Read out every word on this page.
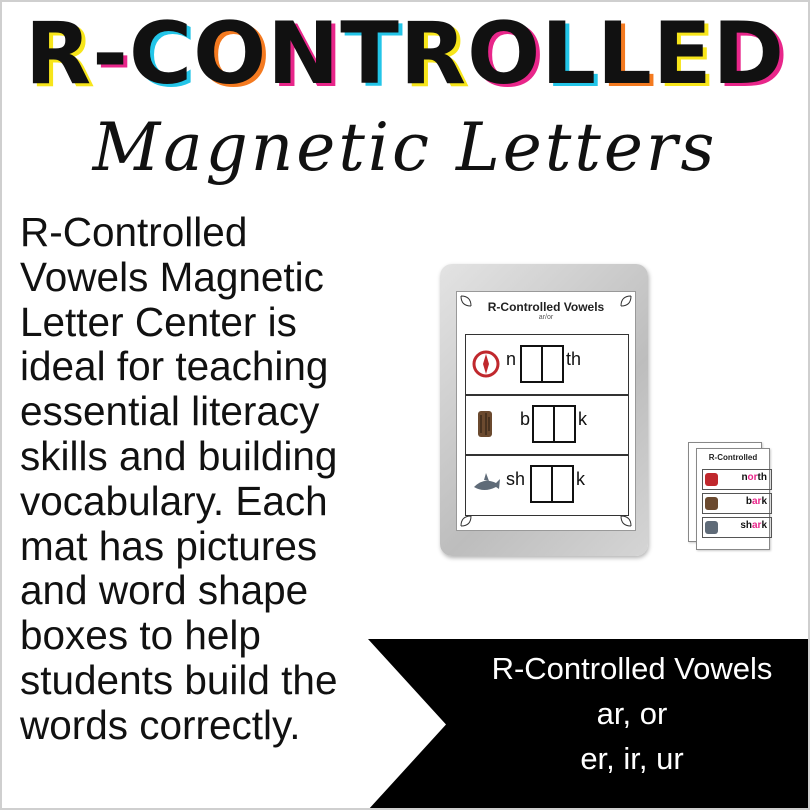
R-CONTROLLED
Magnetic Letters
R-Controlled
Vowels Magnetic
Letter Center is
ideal for teaching
essential literacy
skills and building
vocabulary. Each
mat has pictures
and word shape
boxes to help
students build the
words correctly.
R-Controlled Vowels
ar/or
n	th
b	k
sh	k
R-Controlled
north
bark
shark
R-Controlled Vowels
ar, or
er, ir, ur
